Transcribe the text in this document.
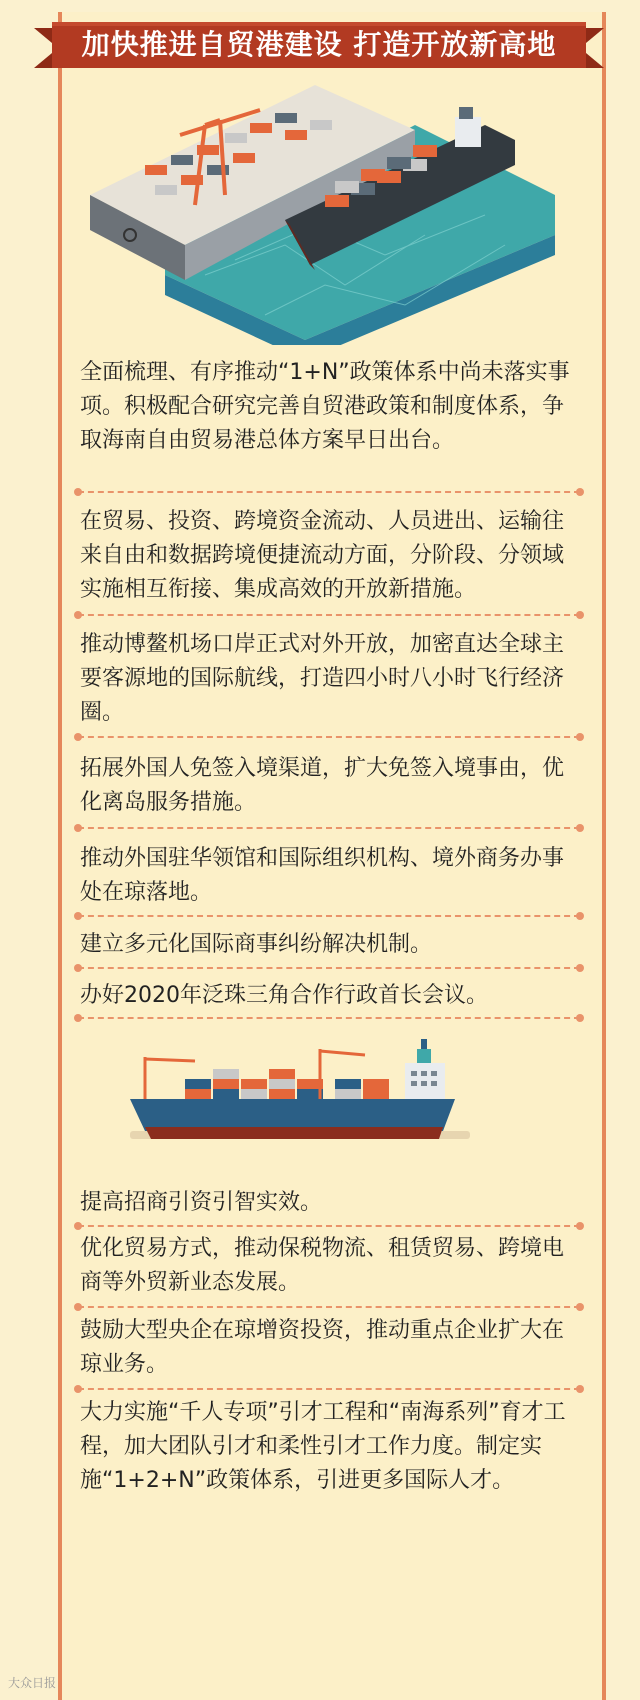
加快推进自贸港建设 打造开放新高地
全面梳理、有序推动“1+N”政策体系中尚未落实事项。积极配合研究完善自贸港政策和制度体系，争取海南自由贸易港总体方案早日出台。
在贸易、投资、跨境资金流动、人员进出、运输往来自由和数据跨境便捷流动方面，分阶段、分领域实施相互衔接、集成高效的开放新措施。
推动博鳌机场口岸正式对外开放，加密直达全球主要客源地的国际航线，打造四小时八小时飞行经济圈。
拓展外国人免签入境渠道，扩大免签入境事由，优化离岛服务措施。
推动外国驻华领馆和国际组织机构、境外商务办事处在琼落地。
建立多元化国际商事纠纷解决机制。
办好2020年泛珠三角合作行政首长会议。
提高招商引资引智实效。
优化贸易方式，推动保税物流、租赁贸易、跨境电商等外贸新业态发展。
鼓励大型央企在琼增资投资，推动重点企业扩大在琼业务。
大力实施“千人专项”引才工程和“南海系列”育才工程，加大团队引才和柔性引才工作力度。制定实施“1+2+N”政策体系，引进更多国际人才。
大众日报
